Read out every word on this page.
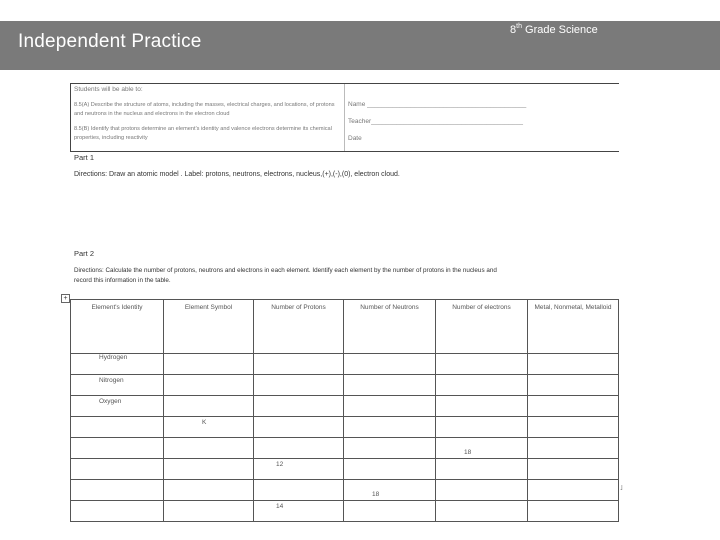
Independent Practice
8th Grade Science
Students will be able to:
8.5(A) Describe the structure of atoms, including the masses, electrical charges, and locations, of protons
and neutrons in the nucleus and electrons in the electron cloud
8.5(B) Identify that protons determine an element's identity and valence electrons determine its chemical
properties, including reactivity
Name ____________________________________________
Teacher__________________________________________
Date
Part 1
Directions: Draw an atomic model . Label: protons, neutrons, electrons, nucleus,(+),(-),(0), electron cloud.
Part 2
Directions: Calculate the number of protons, neutrons and electrons in each element. Identify each element by the number of protons in the nucleus and
record this information in the table.
+
Element's Identity	Element Symbol	Number of Protons	Number of Neutrons	Number of electrons	Metal, Nonmetal, Metalloid
Hydrogen					
Nitrogen					
Oxygen					
	K				
				18	
		12			
			18		
		14			
˩
